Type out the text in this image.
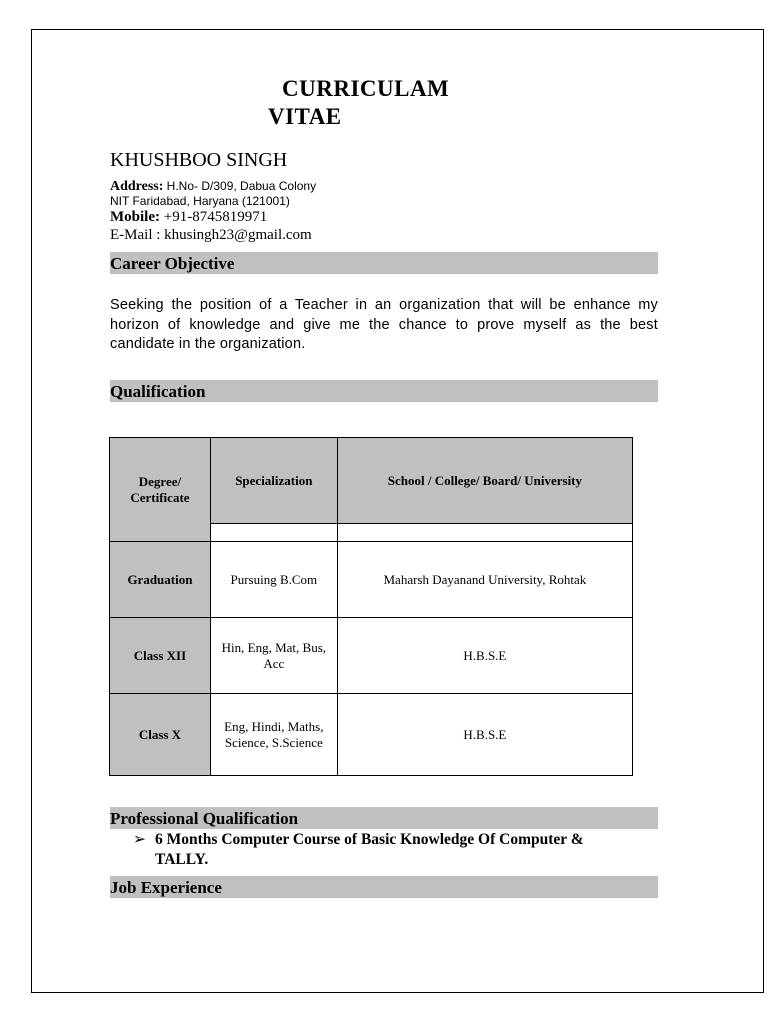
CURRICULAM
VITAE
KHUSHBOO SINGH
Address: H.No- D/309, Dabua Colony
NIT Faridabad, Haryana (121001)
Mobile: +91-8745819971
E-Mail : khusingh23@gmail.com
Career Objective
Seeking the position of a Teacher in an organization that will be enhance my horizon of knowledge and give me the chance to prove myself as the best candidate in the organization.
Qualification
Degree/ Certificate	Specialization	School / College/ Board/ University

Graduation	Pursuing B.Com	Maharsh Dayanand University, Rohtak
Class XII	Hin, Eng, Mat, Bus, Acc	H.B.S.E
Class X	Eng, Hindi, Maths, Science, S.Science	H.B.S.E
Professional Qualification
➢ 6 Months Computer Course of Basic Knowledge Of Computer &
TALLY.
Job Experience
